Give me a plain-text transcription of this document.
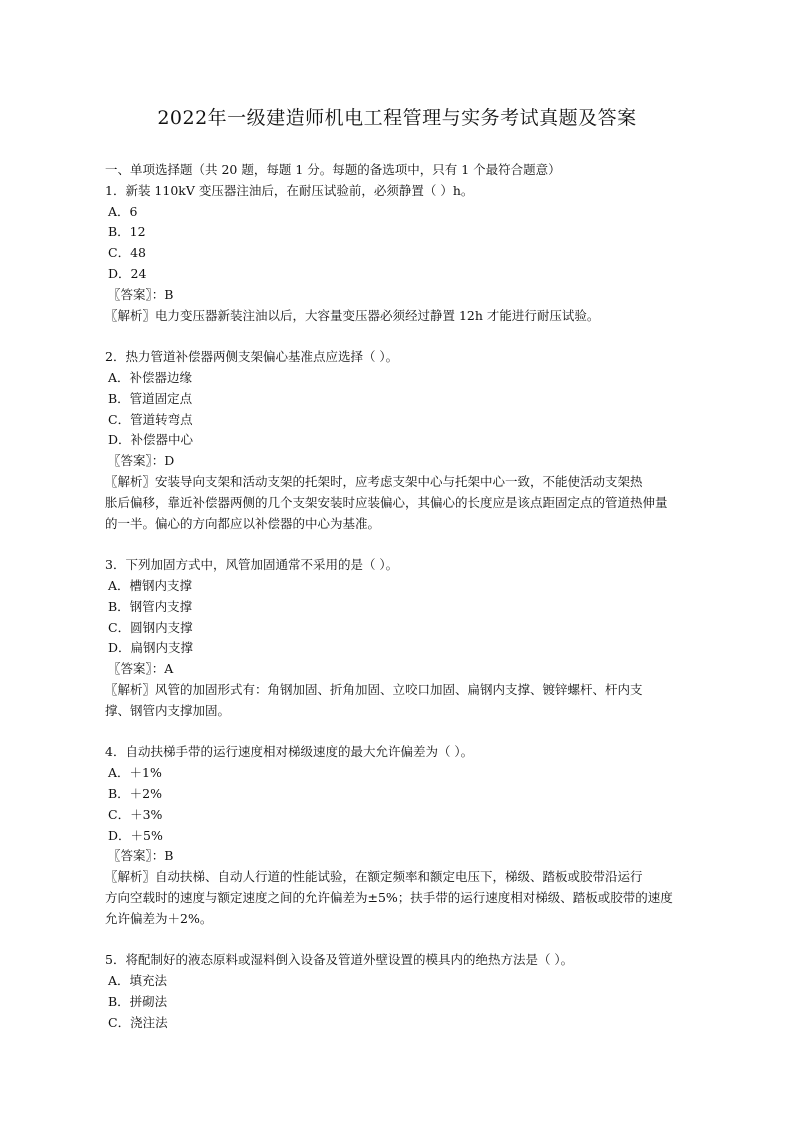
2022年一级建造师机电工程管理与实务考试真题及答案
一、单项选择题（共 20 题，每题 1 分。每题的备选项中，只有 1 个最符合题意）
1．新装 110kV 变压器注油后，在耐压试验前，必须静置（ ）h。
A．6
B．12
C．48
D．24
〖答案〗：B
〖解析〗电力变压器新装注油以后，大容量变压器必须经过静置 12h 才能进行耐压试验。
2．热力管道补偿器两侧支架偏心基准点应选择（ ）。
A．补偿器边缘
B．管道固定点
C．管道转弯点
D．补偿器中心
〖答案〗：D
〖解析〗安装导向支架和活动支架的托架时，应考虑支架中心与托架中心一致，不能使活动支架热
胀后偏移，靠近补偿器两侧的几个支架安装时应装偏心，其偏心的长度应是该点距固定点的管道热伸量
的一半。偏心的方向都应以补偿器的中心为基准。
3．下列加固方式中，风管加固通常不采用的是（ ）。
A．槽钢内支撑
B．钢管内支撑
C．圆钢内支撑
D．扁钢内支撑
〖答案〗：A
〖解析〗风管的加固形式有：角钢加固、折角加固、立咬口加固、扁钢内支撑、镀锌螺杆、杆内支
撑、钢管内支撑加固。
4．自动扶梯手带的运行速度相对梯级速度的最大允许偏差为（ ）。
A．＋1%
B．＋2%
C．＋3%
D．＋5%
〖答案〗：B
〖解析〗自动扶梯、自动人行道的性能试验，在额定频率和额定电压下，梯级、踏板或胶带沿运行
方向空载时的速度与额定速度之间的允许偏差为±5%；扶手带的运行速度相对梯级、踏板或胶带的速度
允许偏差为＋2%。
5．将配制好的液态原料或湿料倒入设备及管道外壁设置的模具内的绝热方法是（ ）。
A．填充法
B．拼砌法
C．浇注法
